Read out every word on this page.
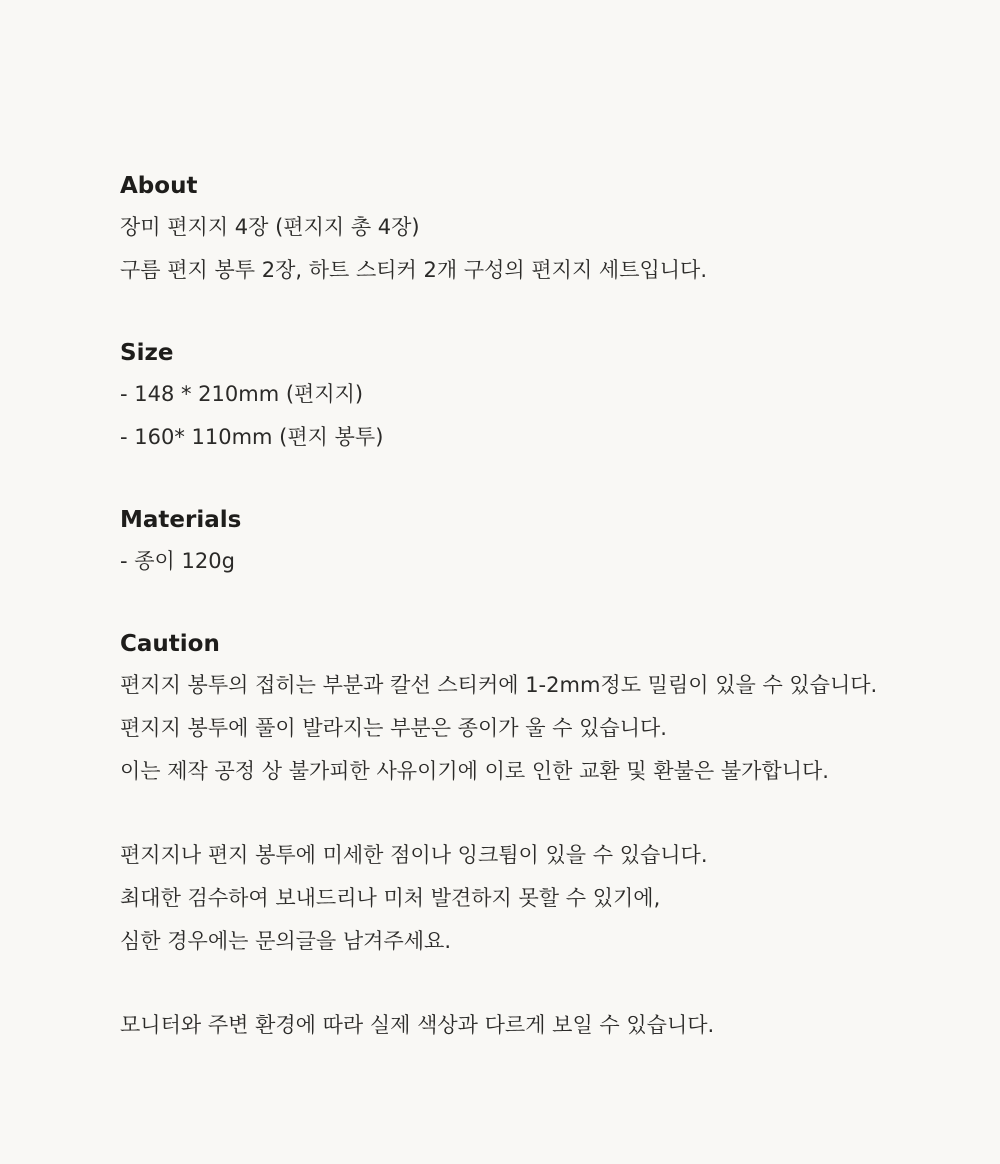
About
장미 편지지 4장 (편지지 총 4장)
구름 편지 봉투 2장, 하트 스티커 2개 구성의 편지지 세트입니다.
Size
- 148 * 210mm (편지지)
- 160* 110mm (편지 봉투)
Materials
- 종이 120g
Caution
편지지 봉투의 접히는 부분과 칼선 스티커에 1-2mm정도 밀림이 있을 수 있습니다.
편지지 봉투에 풀이 발라지는 부분은 종이가 울 수 있습니다.
이는 제작 공정 상 불가피한 사유이기에 이로 인한 교환 및 환불은 불가합니다.
편지지나 편지 봉투에 미세한 점이나 잉크튐이 있을 수 있습니다.
최대한 검수하여 보내드리나 미처 발견하지 못할 수 있기에,
심한 경우에는 문의글을 남겨주세요.
모니터와 주변 환경에 따라 실제 색상과 다르게 보일 수 있습니다.
